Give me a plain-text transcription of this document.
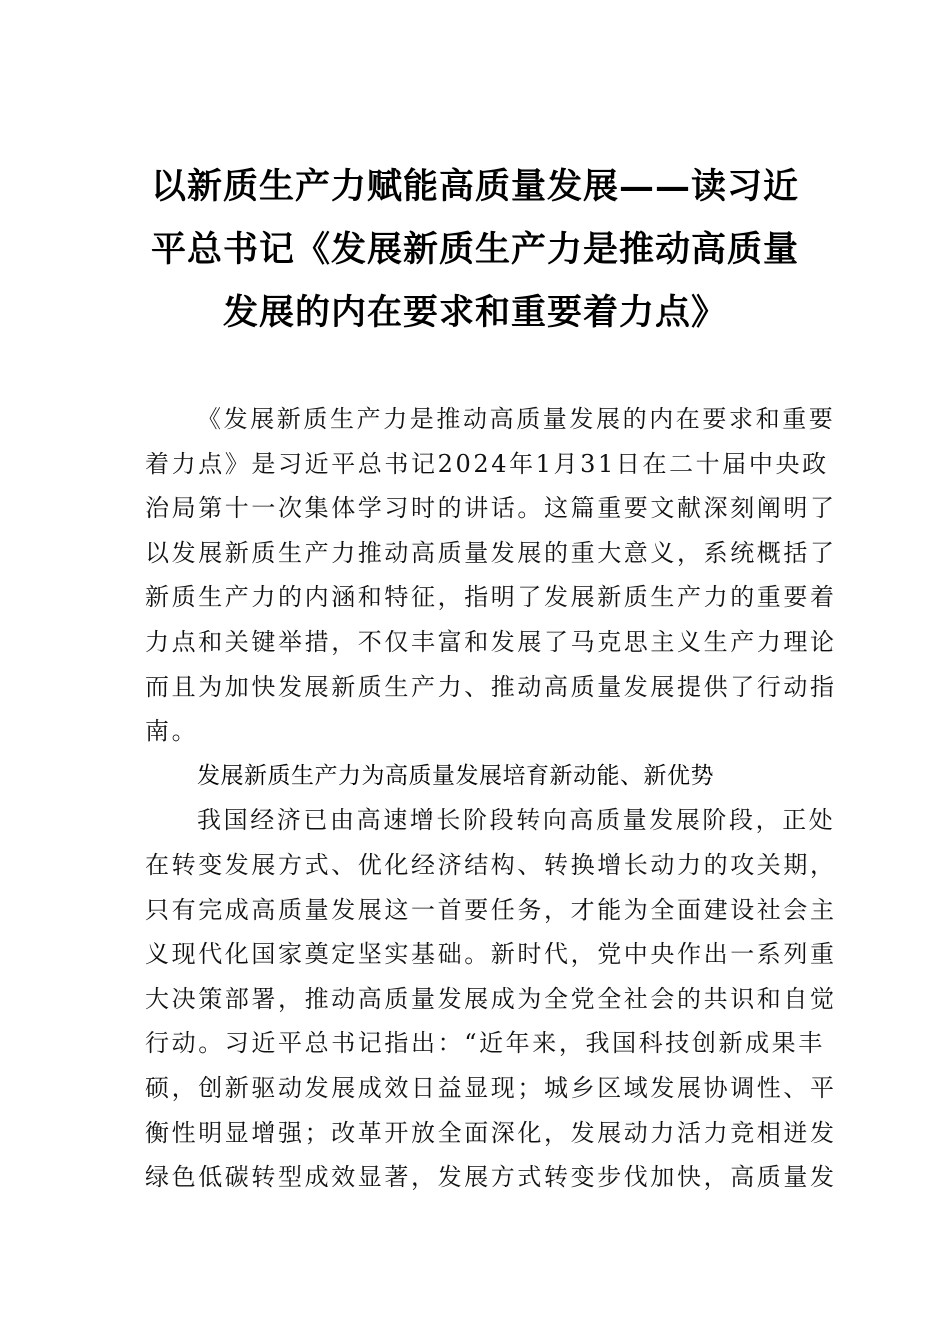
以新质生产力赋能高质量发展——读习近
平总书记《发展新质生产力是推动高质量
发展的内在要求和重要着力点》
《发展新质生产力是推动高质量发展的内在要求和重要
着力点》是习近平总书记2024年1月31日在二十届中央政
治局第十一次集体学习时的讲话。这篇重要文献深刻阐明了
以发展新质生产力推动高质量发展的重大意义，系统概括了
新质生产力的内涵和特征，指明了发展新质生产力的重要着
力点和关键举措，不仅丰富和发展了马克思主义生产力理论
而且为加快发展新质生产力、推动高质量发展提供了行动指
南。
发展新质生产力为高质量发展培育新动能、新优势
我国经济已由高速增长阶段转向高质量发展阶段，正处
在转变发展方式、优化经济结构、转换增长动力的攻关期，
只有完成高质量发展这一首要任务，才能为全面建设社会主
义现代化国家奠定坚实基础。新时代，党中央作出一系列重
大决策部署，推动高质量发展成为全党全社会的共识和自觉
行动。习近平总书记指出：“近年来，我国科技创新成果丰
硕，创新驱动发展成效日益显现；城乡区域发展协调性、平
衡性明显增强；改革开放全面深化，发展动力活力竞相迸发
绿色低碳转型成效显著，发展方式转变步伐加快，高质量发
